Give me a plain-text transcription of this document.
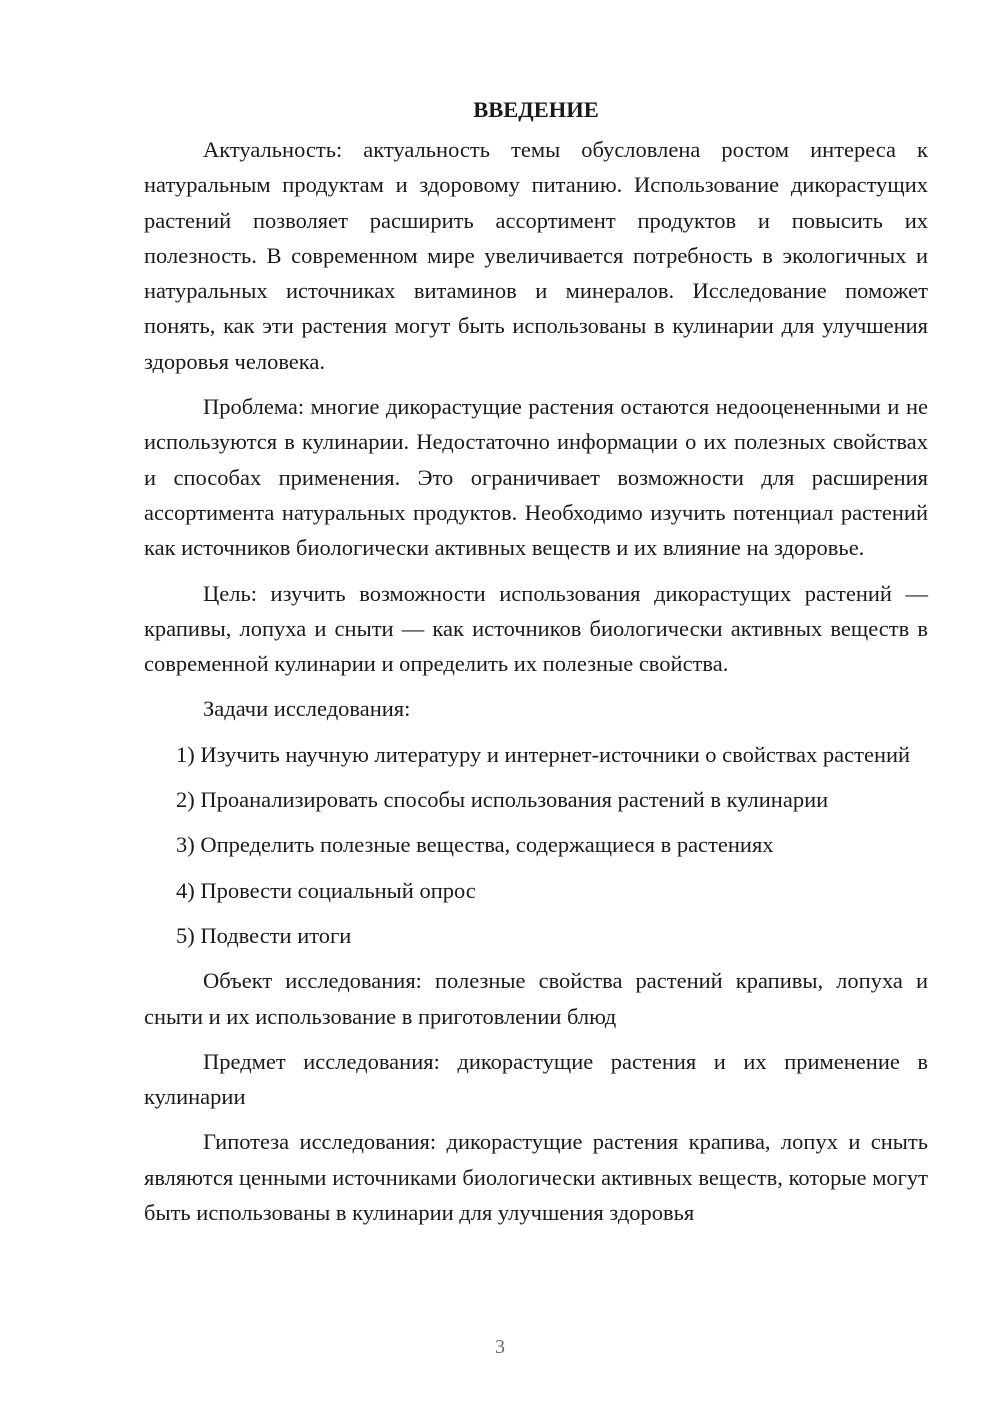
ВВЕДЕНИЕ

Актуальность: актуальность темы обусловлена ростом интереса к натуральным продуктам и здоровому питанию. Использование дикорастущих растений позволяет расширить ассортимент продуктов и повысить их полезность. В современном мире увеличивается потребность в экологичных и натуральных источниках витаминов и минералов. Исследование поможет понять, как эти растения могут быть использованы в кулинарии для улучшения здоровья человека.

Проблема: многие дикорастущие растения остаются недооцененными и не используются в кулинарии. Недостаточно информации о их полезных свойствах и способах применения. Это ограничивает возможности для расширения ассортимента натуральных продуктов. Необходимо изучить потенциал растений как источников биологически активных веществ и их влияние на здоровье.

Цель: изучить возможности использования дикорастущих растений — крапивы, лопуха и сныти — как источников биологически активных веществ в современной кулинарии и определить их полезные свойства.

Задачи исследования:

1) Изучить научную литературу и интернет-источники о свойствах растений

2) Проанализировать способы использования растений в кулинарии

3) Определить полезные вещества, содержащиеся в растениях

4) Провести социальный опрос

5) Подвести итоги

Объект исследования: полезные свойства растений крапивы, лопуха и сныти и их использование в приготовлении блюд

Предмет исследования: дикорастущие растения и их применение в кулинарии

Гипотеза исследования: дикорастущие растения крапива, лопух и сныть являются ценными источниками биологически активных веществ, которые могут быть использованы в кулинарии для улучшения здоровья

3
